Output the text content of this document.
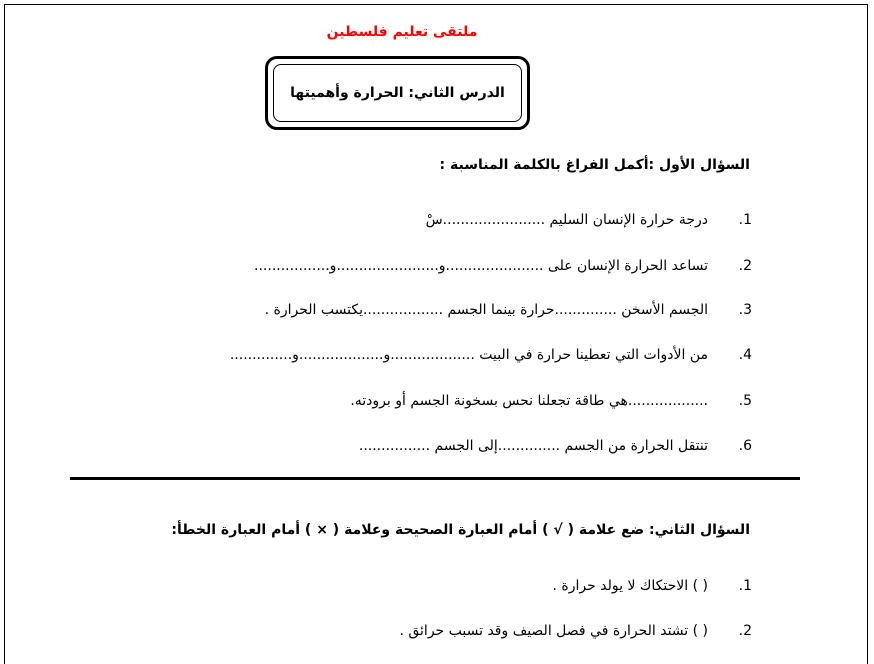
ملتقى تعليم فلسطين
الدرس الثاني: الحرارة وأهميتها
السؤال الأول :أكمل الفراغ بالكلمة المناسبة :
1.درجة حرارة الإنسان السليم .......................سْ
2.تساعد الحرارة الإنسان على ......................و.......................و.................
3.الجسم الأسخن ..............حرارة بينما الجسم ..................يكتسب الحرارة .
4.من الأدوات التي تعطينا حرارة في البيت ...................و...................و..............
5...................هي طاقة تجعلنا نحس بسخونة الجسم أو برودته.
6.تنتقل الحرارة من الجسم ..............إلى الجسم ................
السؤال الثاني: ضع علامة ( √ ) أمام العبارة الصحيحة وعلامة ( × ) أمام العبارة الخطأ:
1.( ) الاحتكاك لا يولد حرارة .
2.( ) تشتد الحرارة في فصل الصيف وقد تسبب حرائق .
